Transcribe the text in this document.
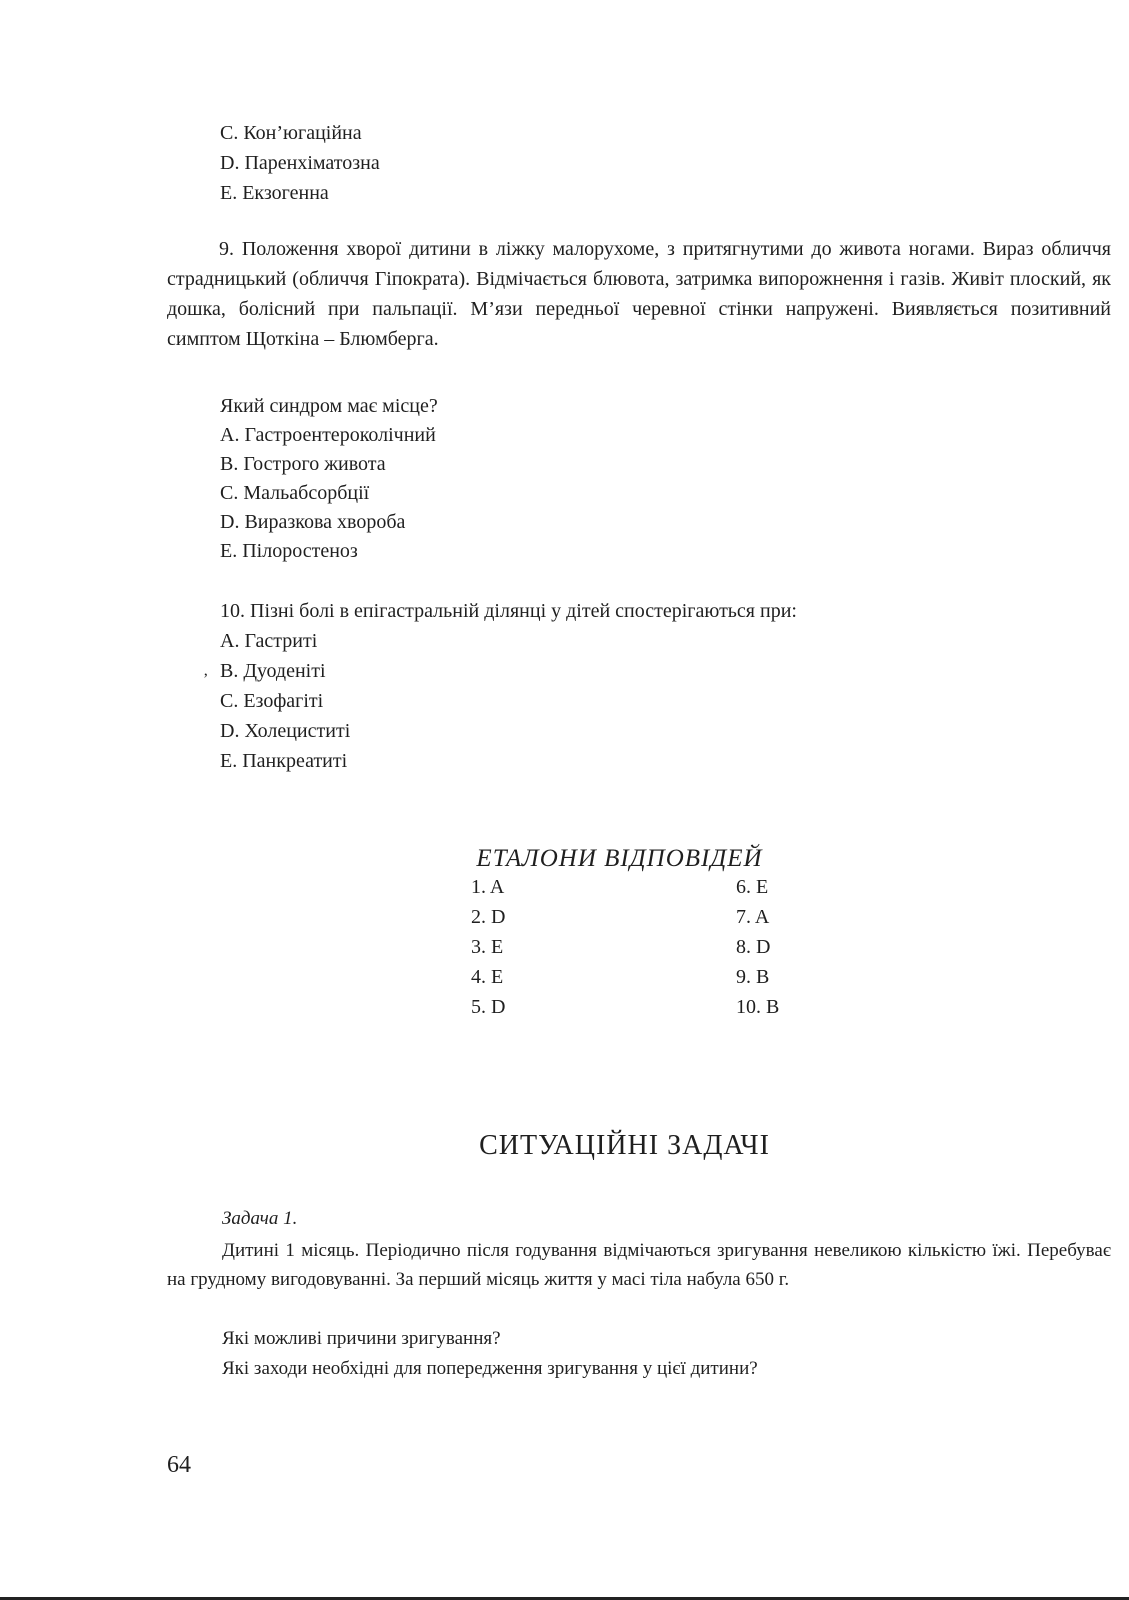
C. Кон’югаційна
D. Паренхіматозна
E. Екзогенна
9. Положення хворої дитини в ліжку малорухоме, з притягнутими до живота ногами. Вираз обличчя страдницький (обличчя Гіпократа). Відмічається блювота, затримка випорожнення і газів. Живіт плоский, як дошка, болісний при пальпації. М’язи передньої черевної стінки напружені. Виявляється позитивний симптом Щоткіна – Блюмберга.
Який синдром має місце?
A. Гастроентероколічний
B. Гострого живота
C. Мальабсорбції
D. Виразкова хвороба
E. Пілоростеноз
10. Пізні болі в епігастральній ділянці у дітей спостерігаються при:
A. Гастриті
’ B. Дуоденіті
C. Езофагіті
D. Холециститі
E. Панкреатиті
ЕТАЛОНИ ВІДПОВІДЕЙ
1. A
2. D
3. E
4. E
5. D
6. E
7. A
8. D
9. B
10. B
СИТУАЦІЙНІ ЗАДАЧІ
Задача 1.
Дитині 1 місяць. Періодично після годування відмічаються зригування невеликою кількістю їжі. Перебуває на грудному вигодовуванні. За перший місяць життя у масі тіла набула 650 г.
Які можливі причини зригування?
Які заходи необхідні для попередження зригування у цієї дитини?
64
